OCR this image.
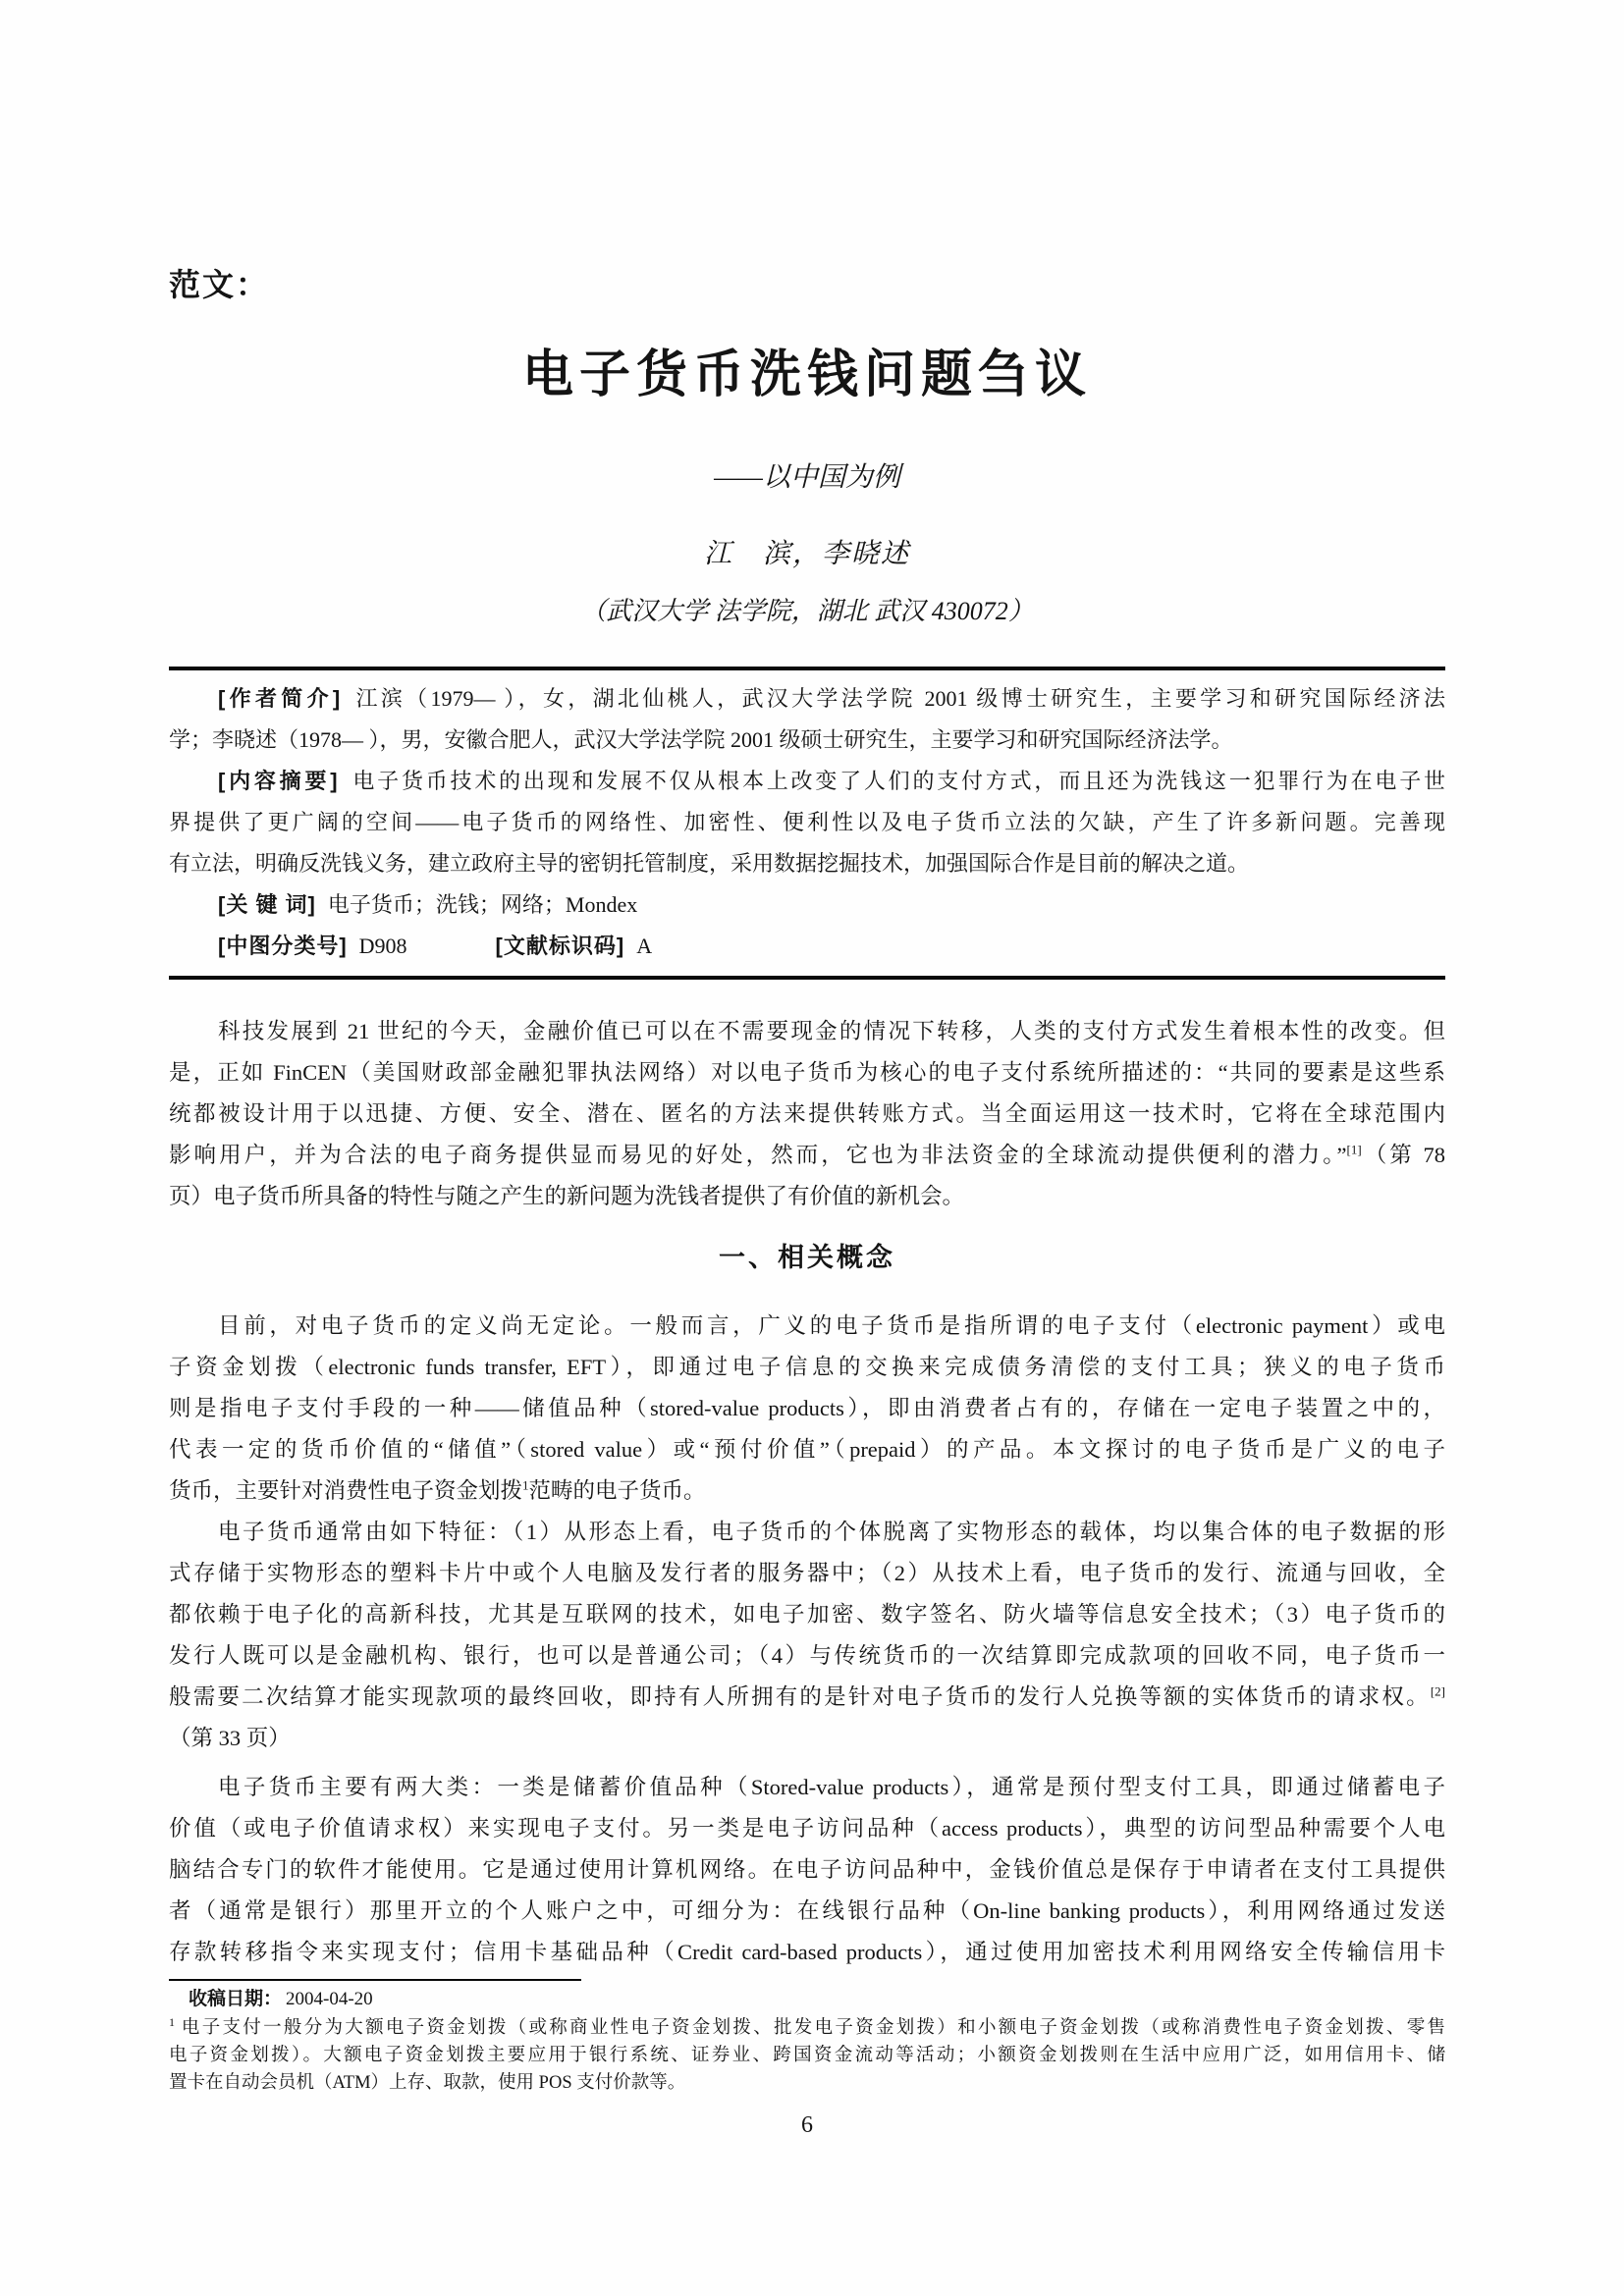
范文：
电子货币洗钱问题刍议
——以中国为例
江　滨，李晓述
（武汉大学 法学院，湖北 武汉 430072）
[作者简介] 江滨（1979— ），女，湖北仙桃人，武汉大学法学院 2001 级博士研究生，主要学习和研究国际经济法
学；李晓述（1978— ），男，安徽合肥人，武汉大学法学院 2001 级硕士研究生，主要学习和研究国际经济法学。
[内容摘要] 电子货币技术的出现和发展不仅从根本上改变了人们的支付方式，而且还为洗钱这一犯罪行为在电子世
界提供了更广阔的空间——电子货币的网络性、加密性、便利性以及电子货币立法的欠缺，产生了许多新问题。完善现
有立法，明确反洗钱义务，建立政府主导的密钥托管制度，采用数据挖掘技术，加强国际合作是目前的解决之道。
[关 键 词] 电子货币；洗钱；网络；Mondex
[中图分类号] D908	[文献标识码] A
科技发展到 21 世纪的今天，金融价值已可以在不需要现金的情况下转移，人类的支付方式发生着根本性的改变。但
是，正如 FinCEN（美国财政部金融犯罪执法网络）对以电子货币为核心的电子支付系统所描述的：“共同的要素是这些系
统都被设计用于以迅捷、方便、安全、潜在、匿名的方法来提供转账方式。当全面运用这一技术时，它将在全球范围内
影响用户，并为合法的电子商务提供显而易见的好处，然而，它也为非法资金的全球流动提供便利的潜力。”[1]（第 78
页）电子货币所具备的特性与随之产生的新问题为洗钱者提供了有价值的新机会。
一、相关概念
目前，对电子货币的定义尚无定论。一般而言，广义的电子货币是指所谓的电子支付（electronic payment）或电
子资金划拨（electronic funds transfer, EFT），即通过电子信息的交换来完成债务清偿的支付工具；狭义的电子货币
则是指电子支付手段的一种——储值品种（stored-value products），即由消费者占有的，存储在一定电子装置之中的，
代表一定的货币价值的“储值”（stored value）或“预付价值”（prepaid）的产品。本文探讨的电子货币是广义的电子
货币，主要针对消费性电子资金划拨$^1$范畴的电子货币。
电子货币通常由如下特征：（1）从形态上看，电子货币的个体脱离了实物形态的载体，均以集合体的电子数据的形
式存储于实物形态的塑料卡片中或个人电脑及发行者的服务器中；（2）从技术上看，电子货币的发行、流通与回收，全
都依赖于电子化的高新科技，尤其是互联网的技术，如电子加密、数字签名、防火墙等信息安全技术；（3）电子货币的
发行人既可以是金融机构、银行，也可以是普通公司；（4）与传统货币的一次结算即完成款项的回收不同，电子货币一
般需要二次结算才能实现款项的最终回收，即持有人所拥有的是针对电子货币的发行人兑换等额的实体货币的请求权。[2]
（第 33 页）
电子货币主要有两大类：一类是储蓄价值品种（Stored-value products），通常是预付型支付工具，即通过储蓄电子
价值（或电子价值请求权）来实现电子支付。另一类是电子访问品种（access products），典型的访问型品种需要个人电
脑结合专门的软件才能使用。它是通过使用计算机网络。在电子访问品种中，金钱价值总是保存于申请者在支付工具提供
者（通常是银行）那里开立的个人账户之中，可细分为：在线银行品种（On-line banking products），利用网络通过发送
存款转移指令来实现支付；信用卡基础品种（Credit card-based products），通过使用加密技术利用网络安全传输信用卡
收稿日期： 2004-04-20
$^1$ 电子支付一般分为大额电子资金划拨（或称商业性电子资金划拨、批发电子资金划拨）和小额电子资金划拨（或称消费性电子资金划拨、零售
电子资金划拨）。大额电子资金划拨主要应用于银行系统、证券业、跨国资金流动等活动；小额资金划拨则在生活中应用广泛，如用信用卡、储
置卡在自动会员机（ATM）上存、取款，使用 POS 支付价款等。
6
